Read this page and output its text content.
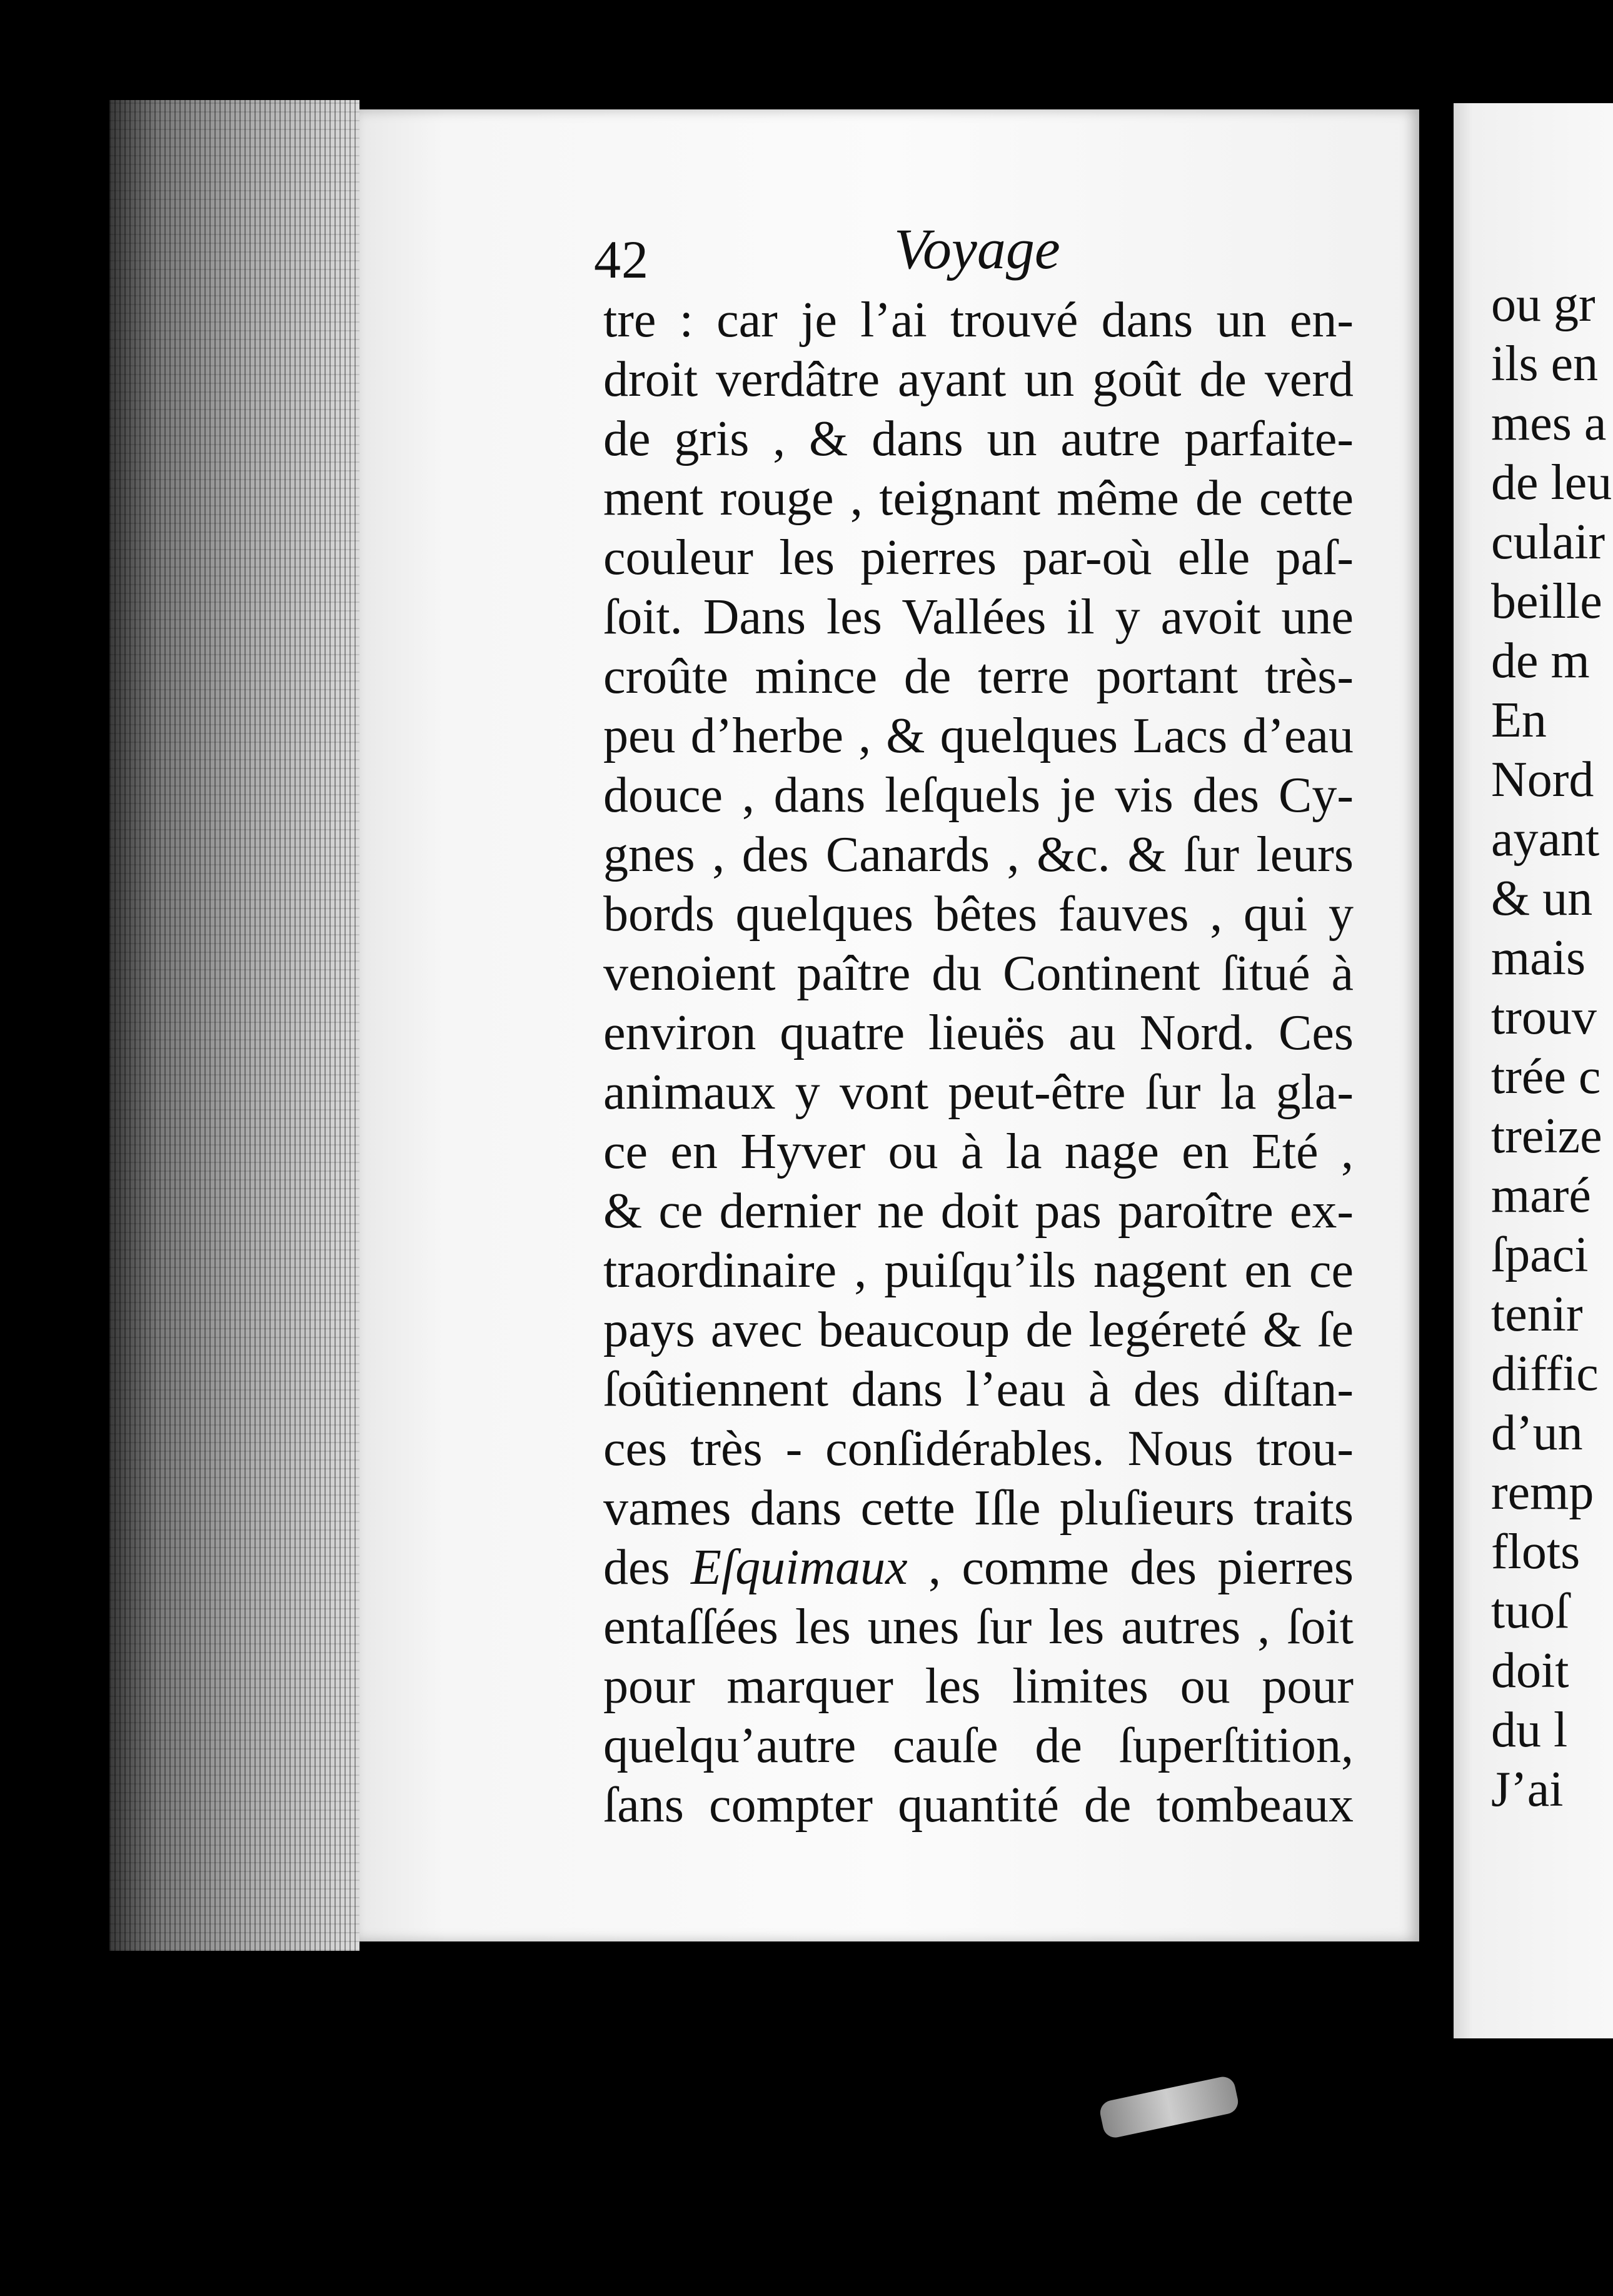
42	Voyage
tre : car je l’ai trouvé dans un en-
droit verdâtre ayant un goût de verd
de gris , & dans un autre parfaite-
ment rouge , teignant même de cette
couleur les pierres par-où elle paſ-
ſoit. Dans les Vallées il y avoit une
croûte mince de terre portant très-
peu d’herbe , & quelques Lacs d’eau
douce , dans leſquels je vis des Cy-
gnes , des Canards , &c. & ſur leurs
bords quelques bêtes fauves , qui y
venoient paître du Continent ſitué à
environ quatre lieuës au Nord. Ces
animaux y vont peut-être ſur la gla-
ce en Hyver ou à la nage en Eté ,
& ce dernier ne doit pas paroître ex-
traordinaire , puiſqu’ils nagent en ce
pays avec beaucoup de legéreté & ſe
ſoûtiennent dans l’eau à des diſtan-
ces très - conſidérables. Nous trou-
vames dans cette Iſle pluſieurs traits
des Eſquimaux , comme des pierres
entaſſées les unes ſur les autres , ſoit
pour marquer les limites ou pour
quelqu’autre cauſe de ſuperſtition,
ſans compter quantité de tombeaux
ou gr
ils en
mes a
de leu
culair
beille
de m
En
Nord
ayant
& un
mais
trouv
trée c
treize
maré
ſpaci
tenir
diffic
d’un
remp
flots
tuoſ
doit
du l
J’ai
